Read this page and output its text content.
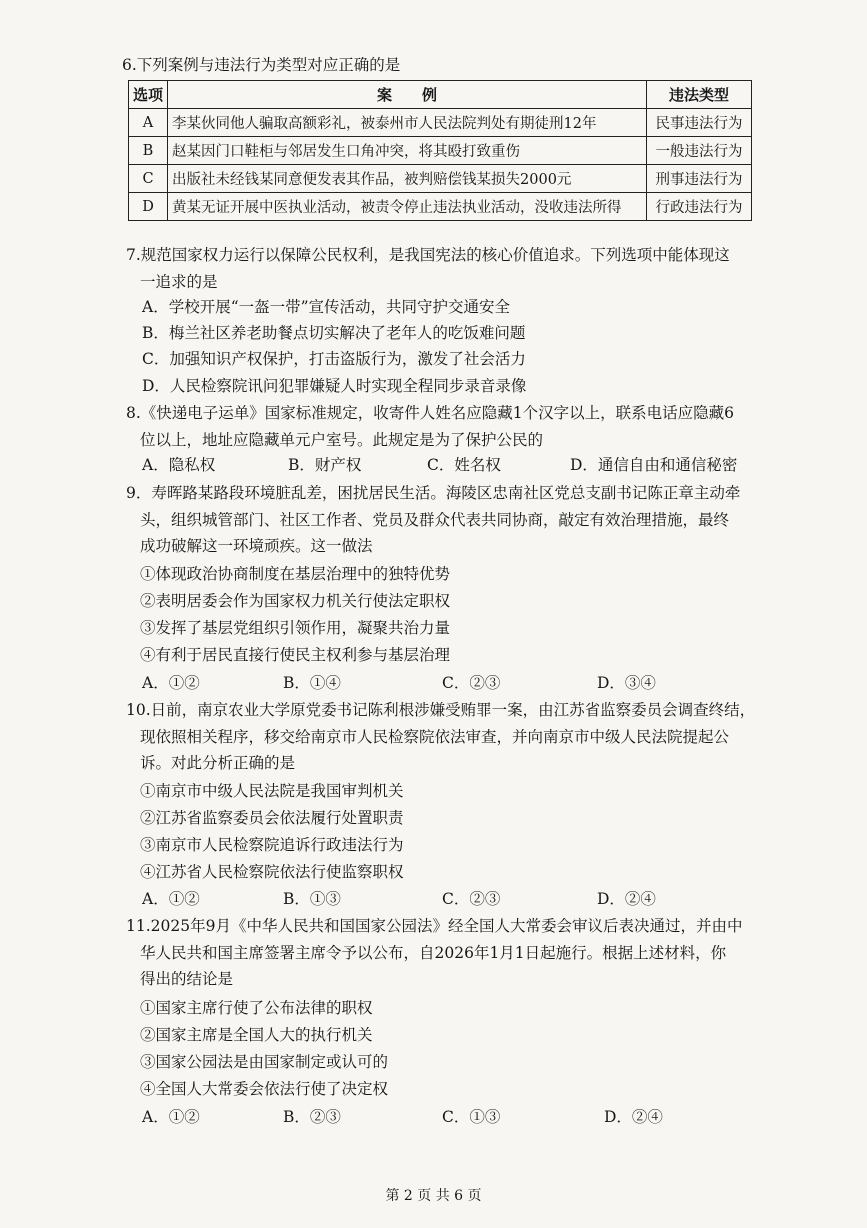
6.下列案例与违法行为类型对应正确的是
选项	案　　例	违法类型
A	李某伙同他人骗取高额彩礼，被泰州市人民法院判处有期徒刑12年	民事违法行为
B	赵某因门口鞋柜与邻居发生口角冲突，将其殴打致重伤	一般违法行为
C	出版社未经钱某同意便发表其作品，被判赔偿钱某损失2000元	刑事违法行为
D	黄某无证开展中医执业活动，被责令停止违法执业活动，没收违法所得	行政违法行为
7.规范国家权力运行以保障公民权利，是我国宪法的核心价值追求。下列选项中能体现这
一追求的是
A．学校开展“一盔一带”宣传活动，共同守护交通安全
B．梅兰社区养老助餐点切实解决了老年人的吃饭难问题
C．加强知识产权保护，打击盗版行为，激发了社会活力
D．人民检察院讯问犯罪嫌疑人时实现全程同步录音录像
8.《快递电子运单》国家标准规定，收寄件人姓名应隐藏1个汉字以上，联系电话应隐藏6
位以上，地址应隐藏单元户室号。此规定是为了保护公民的
A．隐私权	B．财产权	C．姓名权	D．通信自由和通信秘密
9．寿晖路某路段环境脏乱差，困扰居民生活。海陵区忠南社区党总支副书记陈正章主动牵
头，组织城管部门、社区工作者、党员及群众代表共同协商，敲定有效治理措施，最终
成功破解这一环境顽疾。这一做法
①体现政治协商制度在基层治理中的独特优势
②表明居委会作为国家权力机关行使法定职权
③发挥了基层党组织引领作用，凝聚共治力量
④有利于居民直接行使民主权利参与基层治理
A．①②	B．①④	C．②③	D．③④
10.日前，南京农业大学原党委书记陈利根涉嫌受贿罪一案，由江苏省监察委员会调查终结，
现依照相关程序，移交给南京市人民检察院依法审查，并向南京市中级人民法院提起公
诉。对此分析正确的是
①南京市中级人民法院是我国审判机关
②江苏省监察委员会依法履行处置职责
③南京市人民检察院追诉行政违法行为
④江苏省人民检察院依法行使监察职权
A．①②	B．①③	C．②③	D．②④
11.2025年9月《中华人民共和国国家公园法》经全国人大常委会审议后表决通过，并由中
华人民共和国主席签署主席令予以公布，自2026年1月1日起施行。根据上述材料，你
得出的结论是
①国家主席行使了公布法律的职权
②国家主席是全国人大的执行机关
③国家公园法是由国家制定或认可的
④全国人大常委会依法行使了决定权
A．①②	B．②③	C．①③	D．②④
第 2 页 共 6 页
